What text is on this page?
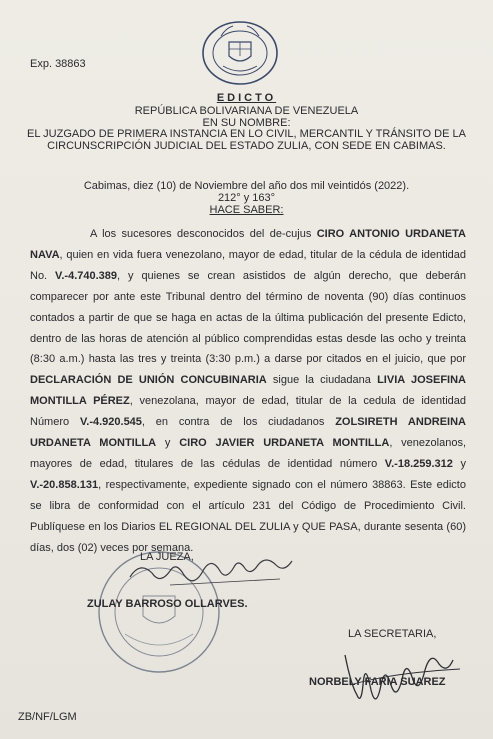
Exp. 38863
EDICTO
REPÚBLICA BOLIVARIANA DE VENEZUELA
EN SU NOMBRE:
EL JUZGADO DE PRIMERA INSTANCIA EN LO CIVIL, MERCANTIL Y TRÁNSITO DE LA CIRCUNSCRIPCIÓN JUDICIAL DEL ESTADO ZULIA, CON SEDE EN CABIMAS.
Cabimas, diez (10) de Noviembre del año dos mil veintidós (2022).
212° y 163°
HACE SABER:
A los sucesores desconocidos del de-cujus CIRO ANTONIO URDANETA NAVA, quien en vida fuera venezolano, mayor de edad, titular de la cédula de identidad No. V.-4.740.389, y quienes se crean asistidos de algún derecho, que deberán comparecer por ante este Tribunal dentro del término de noventa (90) días continuos contados a partir de que se haga en actas de la última publicación del presente Edicto, dentro de las horas de atención al público comprendidas estas desde las ocho y treinta (8:30 a.m.) hasta las tres y treinta (3:30 p.m.) a darse por citados en el juicio, que por DECLARACIÓN DE UNIÓN CONCUBINARIA sigue la ciudadana LIVIA JOSEFINA MONTILLA PÉREZ, venezolana, mayor de edad, titular de la cedula de identidad Número V.-4.920.545, en contra de los ciudadanos ZOLSIRETH ANDREINA URDANETA MONTILLA y CIRO JAVIER URDANETA MONTILLA, venezolanos, mayores de edad, titulares de las cédulas de identidad número V.-18.259.312 y V.-20.858.131, respectivamente, expediente signado con el número 38863. Este edicto se libra de conformidad con el artículo 231 del Código de Procedimiento Civil. Publíquese en los Diarios EL REGIONAL DEL ZULIA y QUE PASA, durante sesenta (60) días, dos (02) veces por semana.
LA JUEZA,
ZULAY BARROSO OLLARVES.
LA SECRETARIA,
NORBELY FARIA SUAREZ
ZB/NF/LGM
